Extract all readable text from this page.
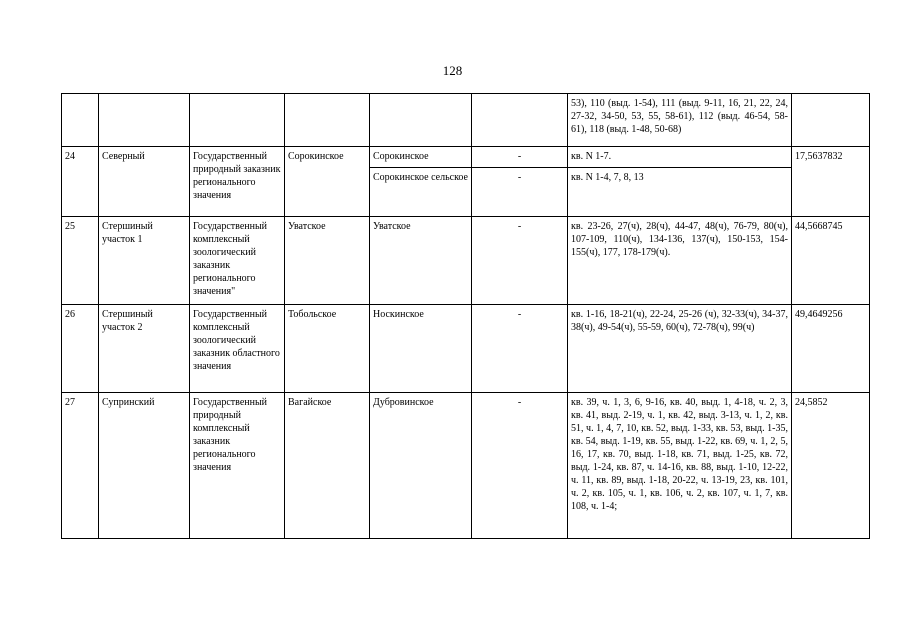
128
						53), 110 (выд. 1-54), 111 (выд. 9-11, 16, 21, 22, 24, 27-32, 34-50, 53, 55, 58-61), 112 (выд. 46-54, 58-61), 118 (выд. 1-48, 50-68)	
24	Северный	Государственный природный заказник регионального значения	Сорокинское	Сорокинское	-	кв. N 1-7.	17,5637832
				Сорокинское сельское	-	кв. N 1-4, 7, 8, 13	
25	Стершиный участок 1	Государственный комплексный зоологический заказник регионального значения"	Уватское	Уватское	-	кв. 23-26, 27(ч), 28(ч), 44-47, 48(ч), 76-79, 80(ч), 107-109, 110(ч), 134-136, 137(ч), 150-153, 154-155(ч), 177, 178-179(ч).	44,5668745
26	Стершиный участок 2	Государственный комплексный зоологический заказник областного значения	Тобольское	Носкинское	-	кв. 1-16, 18-21(ч), 22-24, 25-26 (ч), 32-33(ч), 34-37, 38(ч), 49-54(ч), 55-59, 60(ч), 72-78(ч), 99(ч)	49,4649256
27	Супринский	Государственный природный комплексный заказник регионального значения	Вагайское	Дубровинское	-	кв. 39, ч. 1, 3, 6, 9-16, кв. 40, выд. 1, 4-18, ч. 2, 3, кв. 41, выд. 2-19, ч. 1, кв. 42, выд. 3-13, ч. 1, 2, кв. 51, ч. 1, 4, 7, 10, кв. 52, выд. 1-33, кв. 53, выд. 1-35, кв. 54, выд. 1-19, кв. 55, выд. 1-22, кв. 69, ч. 1, 2, 5, 16, 17, кв. 70, выд. 1-18, кв. 71, выд. 1-25, кв. 72, выд. 1-24, кв. 87, ч. 14-16, кв. 88, выд. 1-10, 12-22, ч. 11, кв. 89, выд. 1-18, 20-22, ч. 13-19, 23, кв. 101, ч. 2, кв. 105, ч. 1, кв. 106, ч. 2, кв. 107, ч. 1, 7, кв. 108, ч. 1-4;	24,5852
